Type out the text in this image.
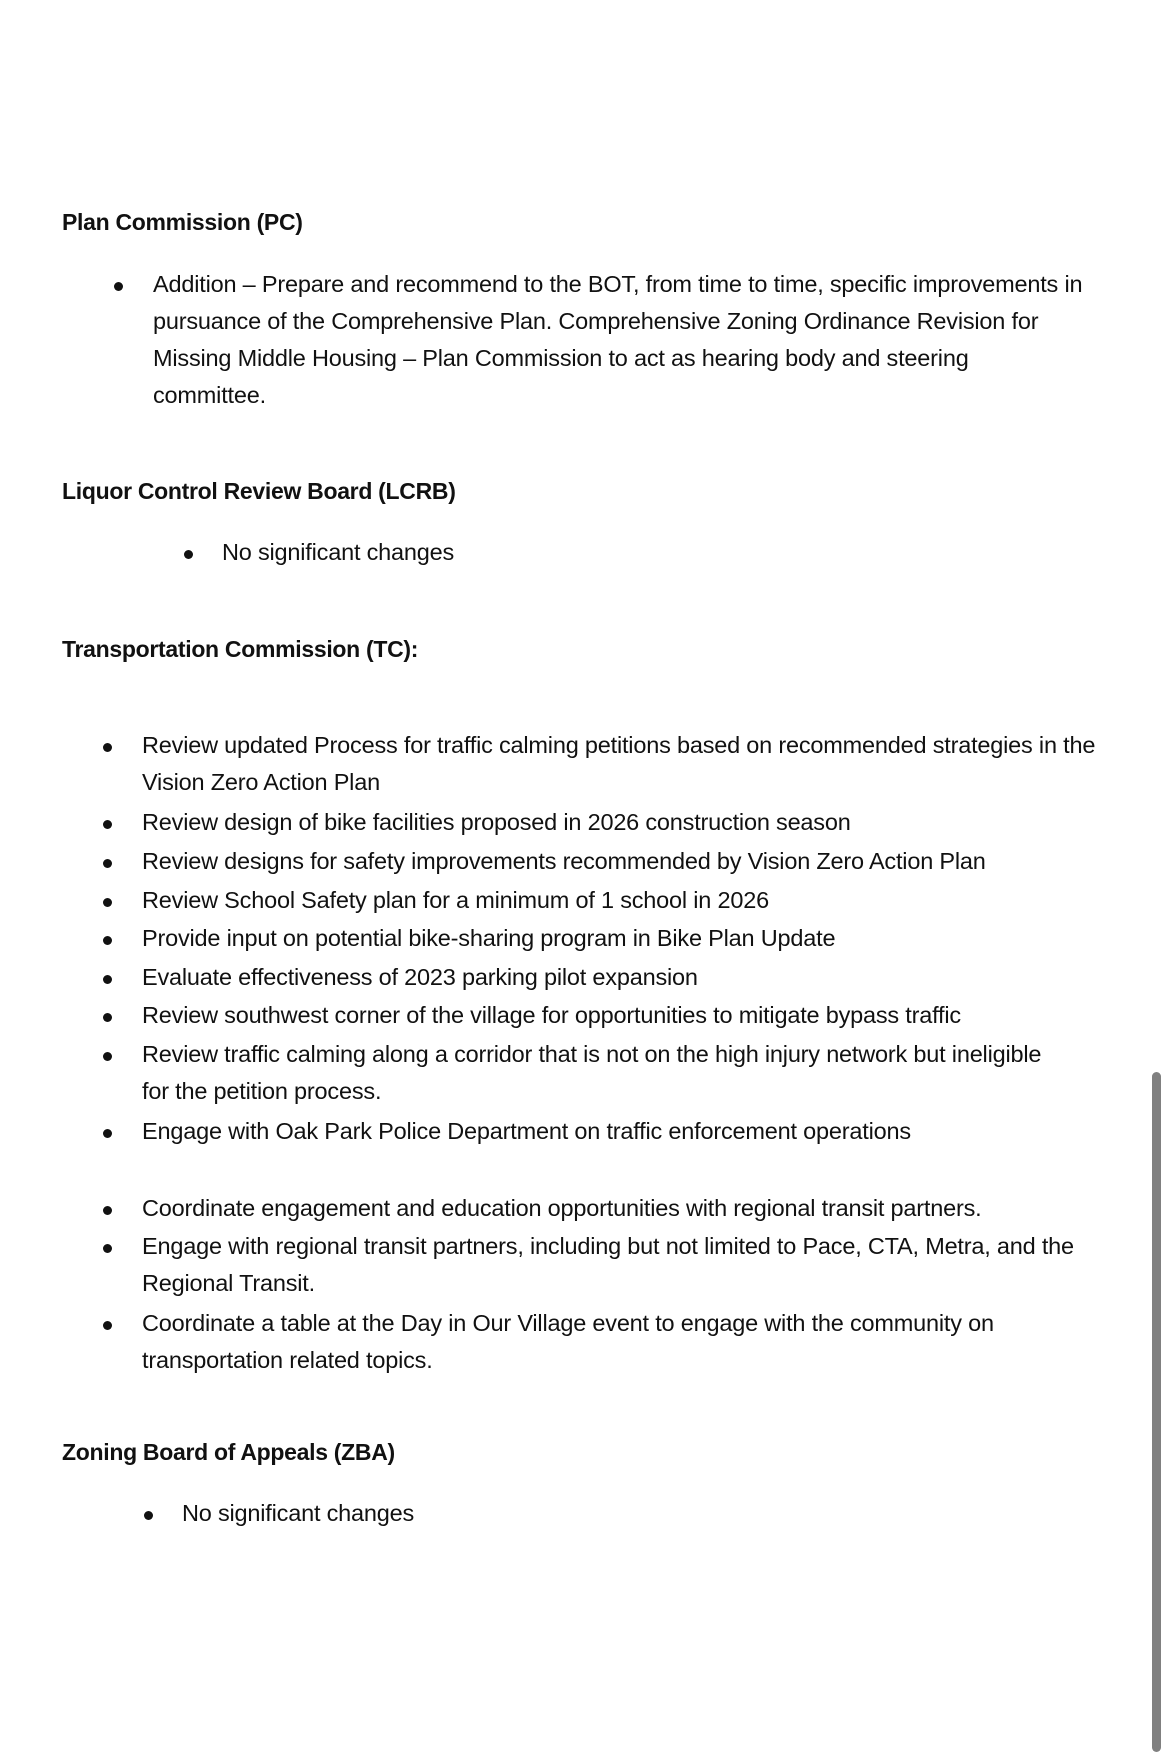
Plan Commission (PC)
Addition – Prepare and recommend to the BOT, from time to time, specific improvements in pursuance of the Comprehensive Plan. Comprehensive Zoning Ordinance Revision for Missing Middle Housing – Plan Commission to act as hearing body and steering committee.
Liquor Control Review Board (LCRB)
No significant changes
Transportation Commission (TC):
Review updated Process for traffic calming petitions based on recommended strategies in the Vision Zero Action Plan
Review design of bike facilities proposed in 2026 construction season
Review designs for safety improvements recommended by Vision Zero Action Plan
Review School Safety plan for a minimum of 1 school in 2026
Provide input on potential bike-sharing program in Bike Plan Update
Evaluate effectiveness of 2023 parking pilot expansion
Review southwest corner of the village for opportunities to mitigate bypass traffic
Review traffic calming along a corridor that is not on the high injury network but ineligible for the petition process.
Engage with Oak Park Police Department on traffic enforcement operations
Coordinate engagement and education opportunities with regional transit partners.
Engage with regional transit partners, including but not limited to Pace, CTA, Metra, and the Regional Transit.
Coordinate a table at the Day in Our Village event to engage with the community on transportation related topics.
Zoning Board of Appeals (ZBA)
No significant changes
